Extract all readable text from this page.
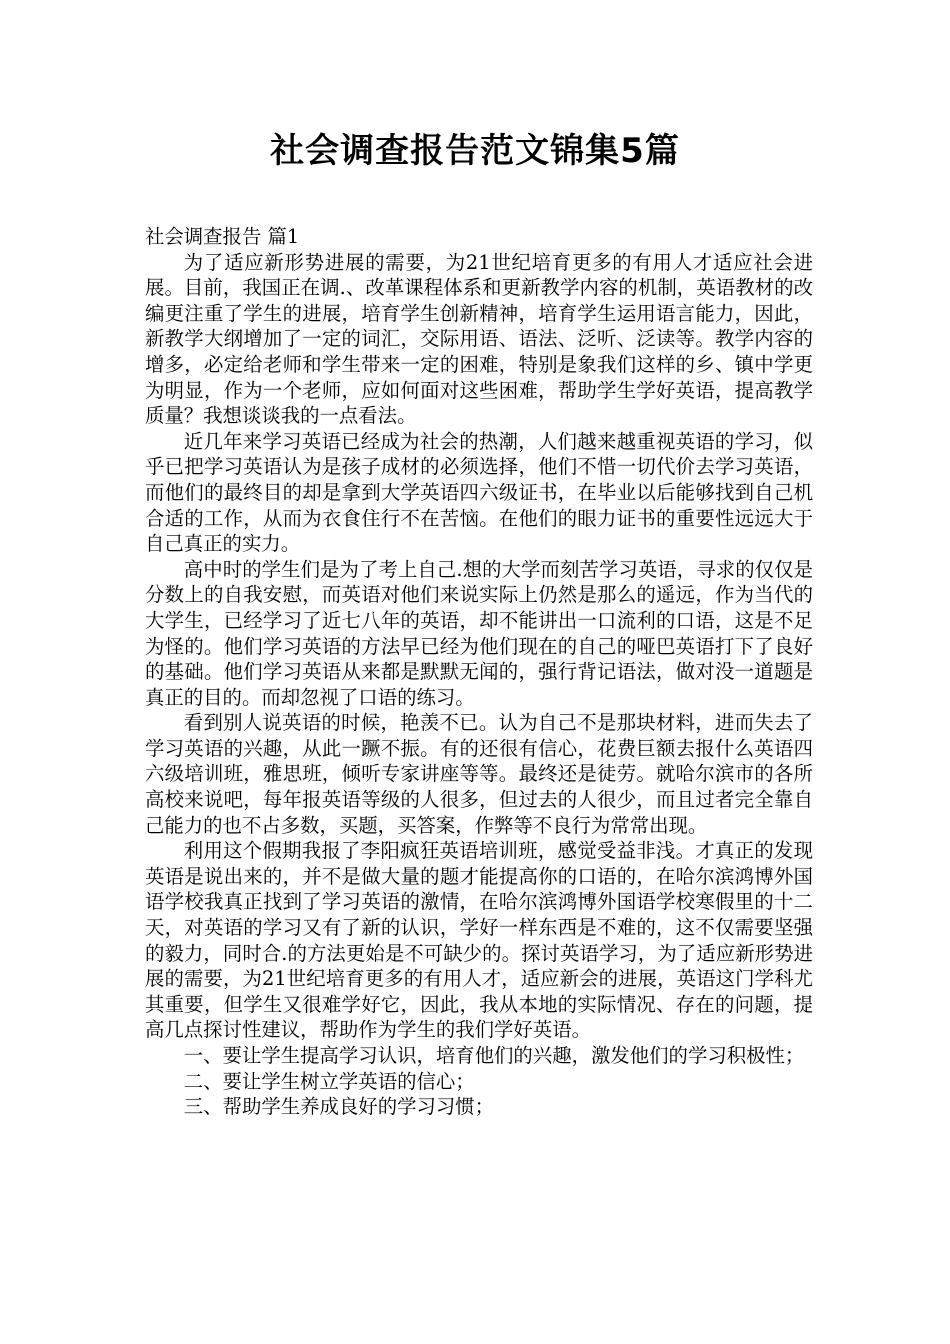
社会调查报告范文锦集5篇

社会调查报告 篇1

为了适应新形势进展的需要，为21世纪培育更多的有用人才适应社会进展。目前，我国正在调.、改革课程体系和更新教学内容的机制，英语教材的改编更注重了学生的进展，培育学生创新精神，培育学生运用语言能力，因此，新教学大纲增加了一定的词汇，交际用语、语法、泛听、泛读等。教学内容的增多，必定给老师和学生带来一定的困难，特别是象我们这样的乡、镇中学更为明显，作为一个老师，应如何面对这些困难，帮助学生学好英语，提高教学质量？我想谈谈我的一点看法。

近几年来学习英语已经成为社会的热潮，人们越来越重视英语的学习，似乎已把学习英语认为是孩子成材的必须选择，他们不惜一切代价去学习英语，而他们的最终目的却是拿到大学英语四六级证书，在毕业以后能够找到自己机合适的工作，从而为衣食住行不在苦恼。在他们的眼力证书的重要性远远大于自己真正的实力。

高中时的学生们是为了考上自己.想的大学而刻苦学习英语，寻求的仅仅是分数上的自我安慰，而英语对他们来说实际上仍然是那么的遥远，作为当代的大学生，已经学习了近七八年的英语，却不能讲出一口流利的口语，这是不足为怪的。他们学习英语的方法早已经为他们现在的自己的哑巴英语打下了良好的基础。他们学习英语从来都是默默无闻的，强行背记语法，做对没一道题是真正的目的。而却忽视了口语的练习。

看到别人说英语的时候，艳羡不已。认为自己不是那块材料，进而失去了学习英语的兴趣，从此一蹶不振。有的还很有信心，花费巨额去报什么英语四六级培训班，雅思班，倾听专家讲座等等。最终还是徒劳。就哈尔滨市的各所高校来说吧，每年报英语等级的人很多，但过去的人很少，而且过者完全靠自己能力的也不占多数，买题，买答案，作弊等不良行为常常出现。

利用这个假期我报了李阳疯狂英语培训班，感觉受益非浅。才真正的发现英语是说出来的，并不是做大量的题才能提高你的口语的，在哈尔滨鸿博外国语学校我真正找到了学习英语的激情，在哈尔滨鸿博外国语学校寒假里的十二天，对英语的学习又有了新的认识，学好一样东西是不难的，这不仅需要坚强的毅力，同时合.的方法更始是不可缺少的。探讨英语学习，为了适应新形势进展的需要，为21世纪培育更多的有用人才，适应新会的进展，英语这门学科尤其重要，但学生又很难学好它，因此，我从本地的实际情况、存在的问题，提高几点探讨性建议，帮助作为学生的我们学好英语。

一、要让学生提高学习认识，培育他们的兴趣，激发他们的学习积极性；

二、要让学生树立学英语的信心；

三、帮助学生养成良好的学习习惯；
